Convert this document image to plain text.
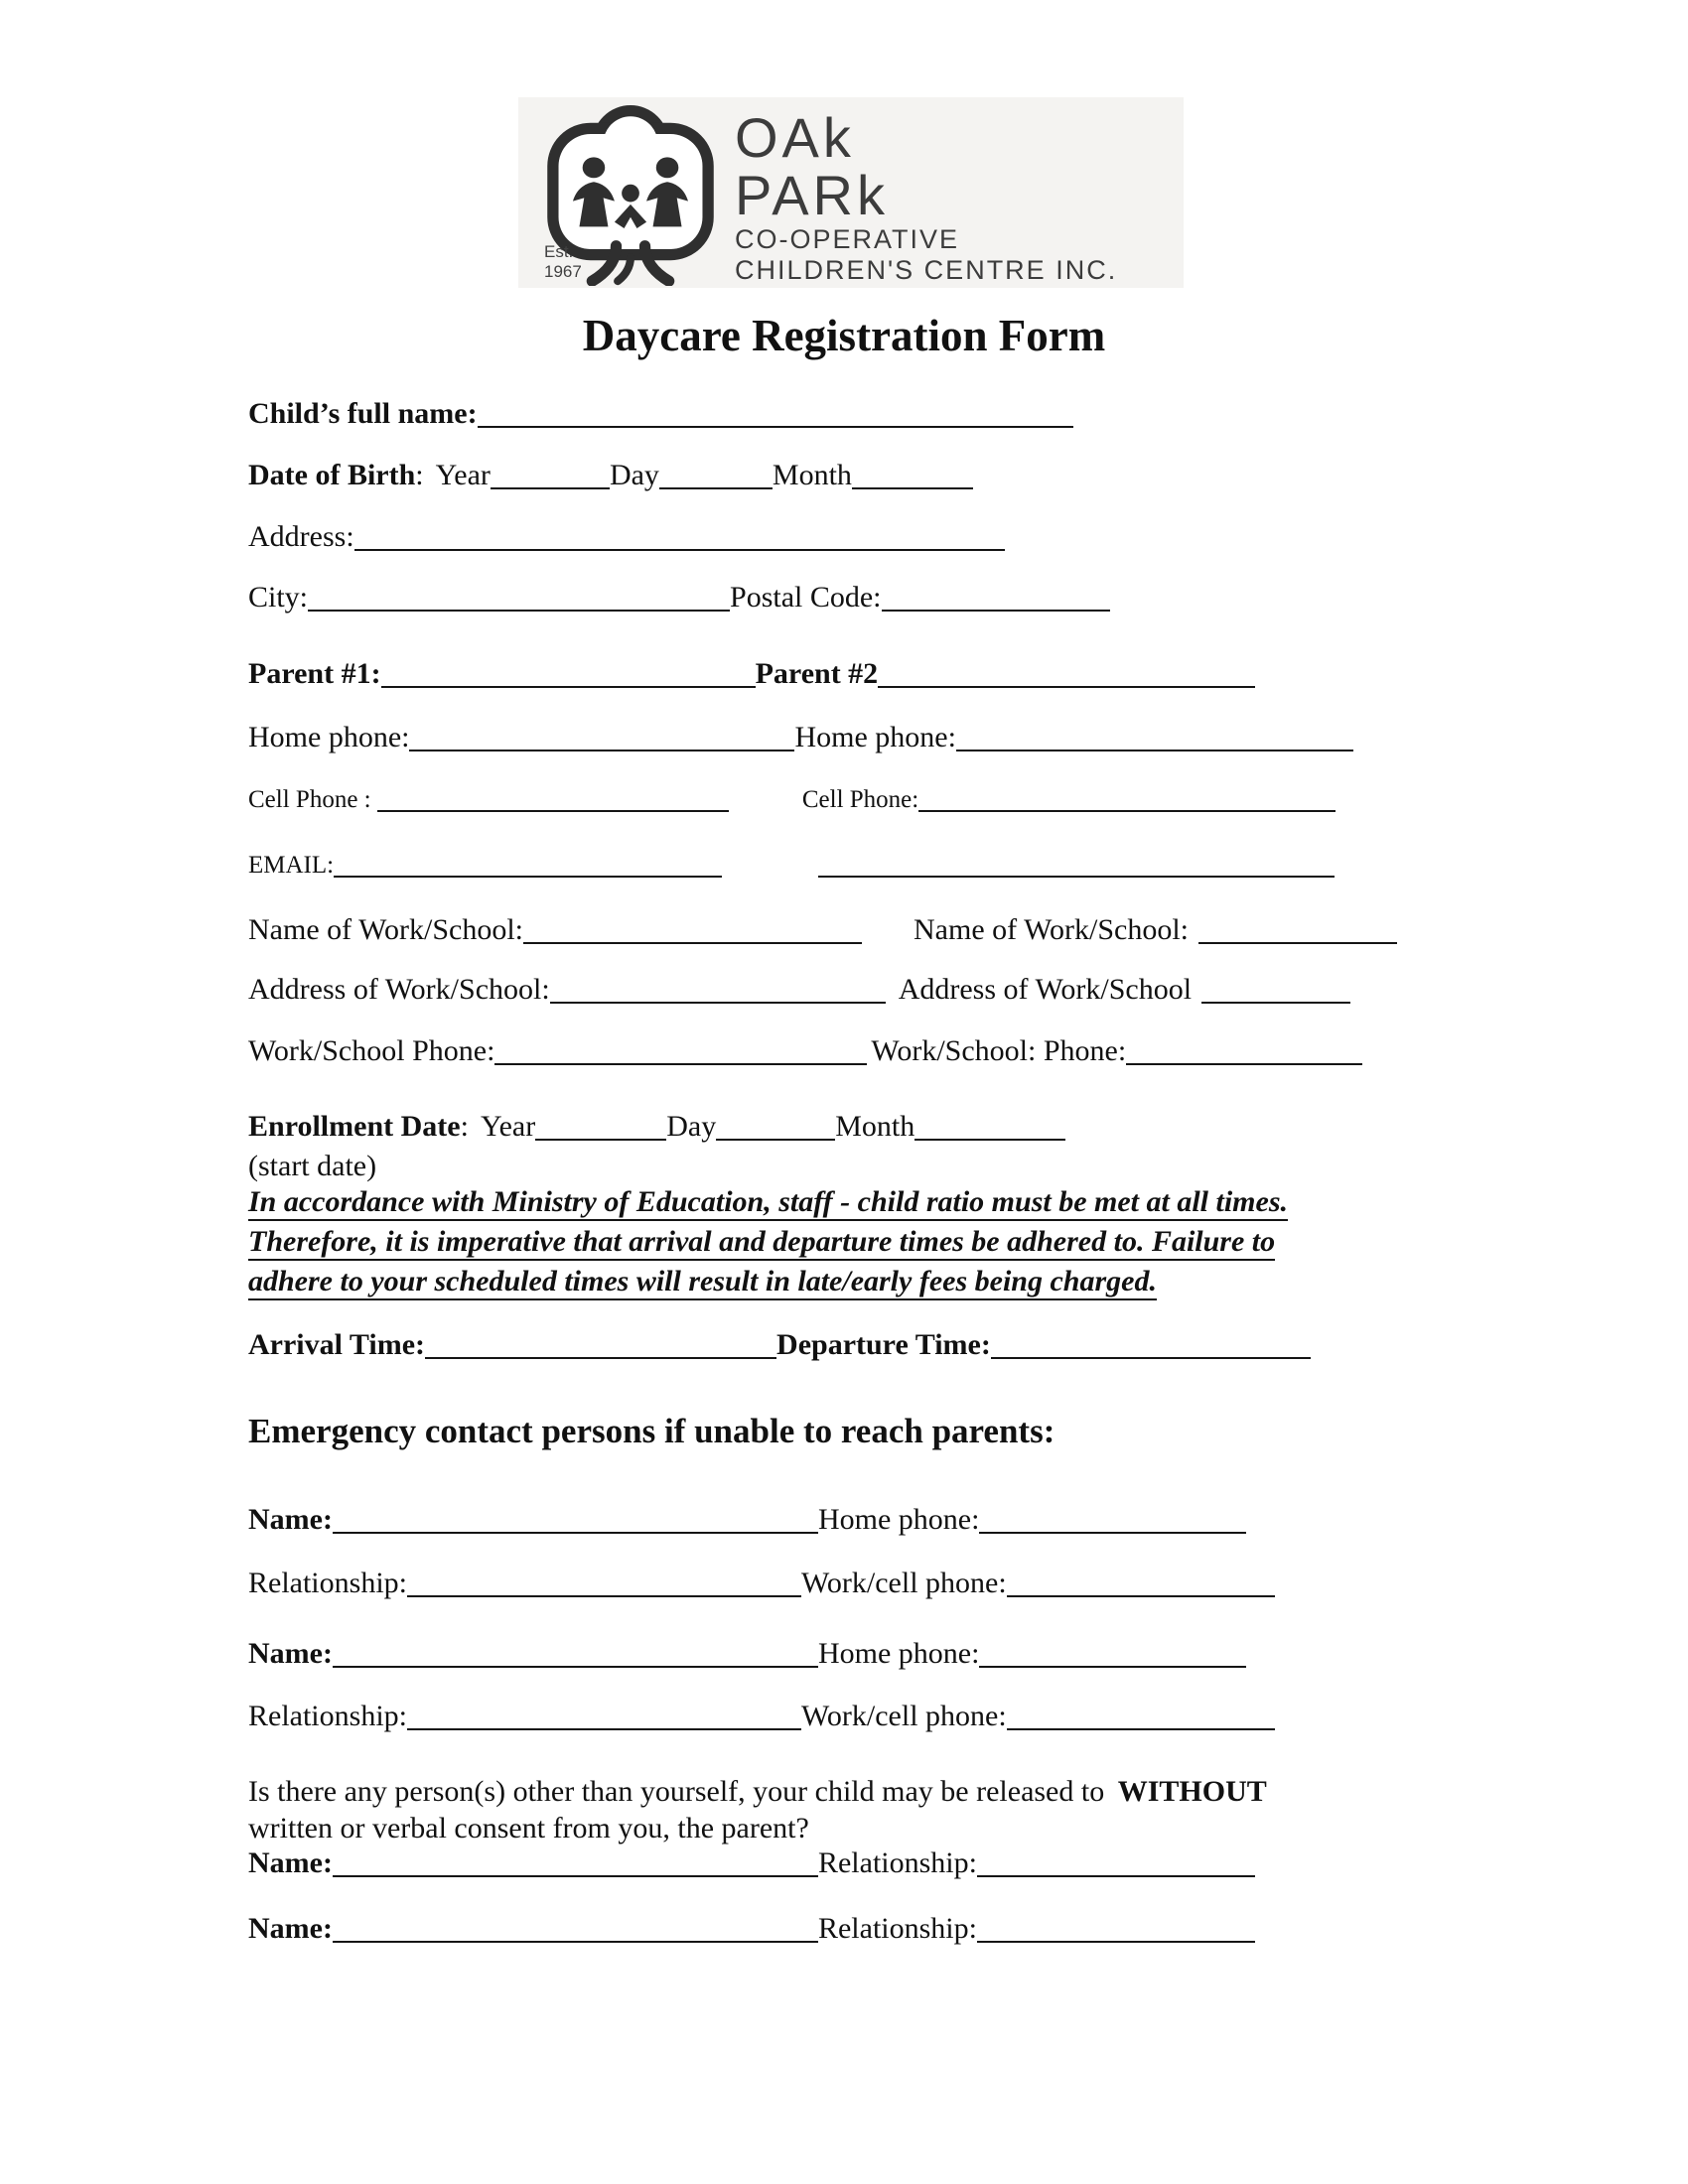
Est.
1967
OAk
PARk
CO-OPERATIVE
CHILDREN'S CENTRE INC.
Daycare Registration Form
Child’s full name:
Date of Birth: Year	Day	Month
Address:
City:	Postal Code:
Parent #1:	Parent #2
Home phone:	Home phone:
Cell Phone :	Cell Phone:
EMAIL:
Name of Work/School:	Name of Work/School:
Address of Work/School:	Address of Work/School
Work/School Phone:	Work/School: Phone:
Enrollment Date: Year	Day	Month
(start date)
In accordance with Ministry of Education, staff - child ratio must be met at all times.
Therefore, it is imperative that arrival and departure times be adhered to. Failure to
adhere to your scheduled times will result in late/early fees being charged.
Arrival Time:	Departure Time:
Emergency contact persons if unable to reach parents:
Name:	Home phone:
Relationship:	Work/cell phone:
Name:	Home phone:
Relationship:	Work/cell phone:
Is there any person(s) other than yourself, your child may be released to WITHOUT
written or verbal consent from you, the parent?
Name:	Relationship:
Name:	Relationship:
